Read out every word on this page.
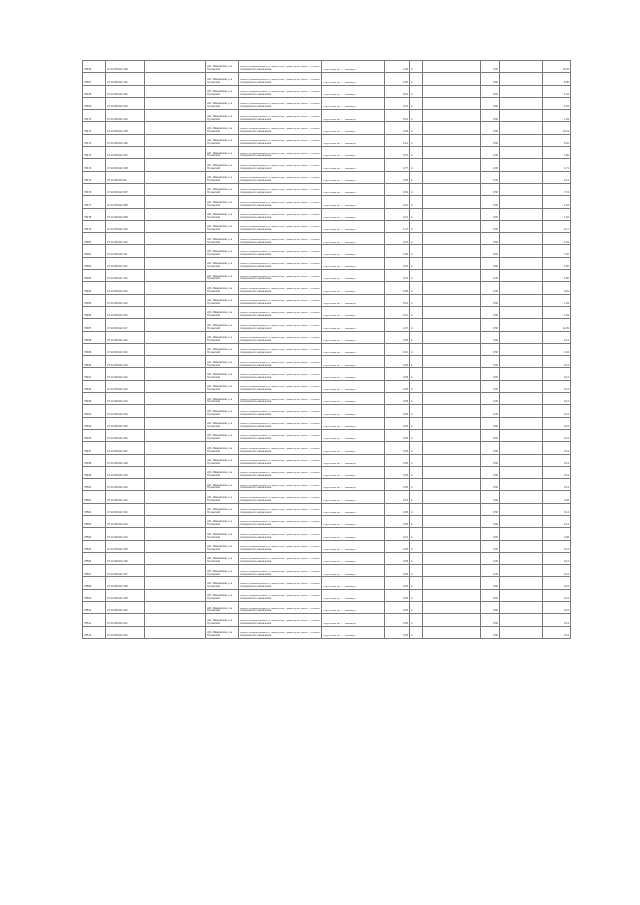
78466	37:14:000112:199		обл. Ивановская, р-н Пучежский	Земли промышленности, энергетики, транспорта, связи ... и иного специального назначения	Под опоры ВЛ ... "Ивэнерго"	2,49	4		2,00		16,03
78467	37:14:000112:101		обл. Ивановская, р-н Пучежский	Земли промышленности, энергетики, транспорта, связи ... и иного специального назначения	Под опоры ВЛ ... "Ивэнерго"	2,90	4		0,50		5,85
78468	37:14:000112:102		обл. Ивановская, р-н Пучежский	Земли промышленности, энергетики, транспорта, связи ... и иного специального назначения	Под опоры ВЛ ... "Ивэнерго"	0,10	4		0,50		1,94
78469	37:14:000112:103		обл. Ивановская, р-н Пучежский	Земли промышленности, энергетики, транспорта, связи ... и иного специального назначения	Под опоры ВЛ ... "Ивэнерго"	0,10	4		0,50		1,94
78470	37:14:000112:104		обл. Ивановская, р-н Пучежский	Земли промышленности, энергетики, транспорта, связи ... и иного специального назначения	Под опоры ВЛ ... "Ивэнерго"	0,10	4		0,50		1,94
78471	37:14:000112:105		обл. Ивановская, р-н Пучежский	Земли промышленности, энергетики, транспорта, связи ... и иного специального назначения	Под опоры ВЛ ... "Ивэнерго"	4,39	4		0,50		12,19
78472	37:14:000112:106		обл. Ивановская, р-н Пучежский	Земли промышленности, энергетики, транспорта, связи ... и иного специального назначения	Под опоры ВЛ ... "Ивэнерго"	2,14	4		0,50		5,22
78473	37:14:000112:107		обл. Ивановская, р-н Пучежский	Земли промышленности, энергетики, транспорта, связи ... и иного специального назначения	Под опоры ВЛ ... "Ивэнерго"	0,76	4		2,00		1,86
78474	37:14:000112:108		обл. Ивановская, р-н Пучежский	Земли промышленности, энергетики, транспорта, связи ... и иного специального назначения	Под опоры ВЛ ... "Ивэнерго"	3,77	4		2,00		1,71
78475	37:14:000112:09		обл. Ивановская, р-н Пучежский	Земли промышленности, энергетики, транспорта, связи ... и иного специального назначения	Под опоры ВЛ ... "Ивэнерго"	0,05	4		2,00		0,14
78476	37:14:000112:097		обл. Ивановская, р-н Пучежский	Земли промышленности, энергетики, транспорта, связи ... и иного специального назначения	Под опоры ВЛ ... "Ивэнерго"	2,54	4		0,50		7,13
78477	37:14:000112:098		обл. Ивановская, р-н Пучежский	Земли промышленности, энергетики, транспорта, связи ... и иного специального назначения	Под опоры ВЛ ... "Ивэнерго"	0,10	4		0,50		1,94
78478	37:14:000112:099		обл. Ивановская, р-н Пучежский	Земли промышленности, энергетики, транспорта, связи ... и иного специального назначения	Под опоры ВЛ ... "Ивэнерго"	0,10	4		0,50		1,94
78479	37:14:000112:100		обл. Ивановская, р-н Пучежский	Земли промышленности, энергетики, транспорта, связи ... и иного специального назначения	Под опоры ВЛ ... "Ивэнерго"	1,47	4		0,50		4,17
78480	37:14:000112:110		обл. Ивановская, р-н Пучежский	Земли промышленности, энергетики, транспорта, связи ... и иного специального назначения	Под опоры ВЛ ... "Ивэнерго"	0,10	4		0,50		1,94
78481	37:14:000112:111		обл. Ивановская, р-н Пучежский	Земли промышленности, энергетики, транспорта, связи ... и иного специального назначения	Под опоры ВЛ ... "Ивэнерго"	2,56	4		0,50		7,26
78482	37:14:000112:112		обл. Ивановская, р-н Пучежский	Земли промышленности, энергетики, транспорта, связи ... и иного специального назначения	Под опоры ВЛ ... "Ивэнерго"	0,76	4		0,50		1,86
78483	37:14:000112:113		обл. Ивановская, р-н Пучежский	Земли промышленности, энергетики, транспорта, связи ... и иного специального назначения	Под опоры ВЛ ... "Ивэнерго"	0,76	4		2,00		1,86
78484	37:14:000112:114		обл. Ивановская, р-н Пучежский	Земли промышленности, энергетики, транспорта, связи ... и иного специального назначения	Под опоры ВЛ ... "Ивэнерго"	5,38	4		2,00		9,91
78485	37:14:000112:115		обл. Ивановская, р-н Пучежский	Земли промышленности, энергетики, транспорта, связи ... и иного специального назначения	Под опоры ВЛ ... "Ивэнерго"	0,10	4		0,50		1,94
78486	37:14:000112:116		обл. Ивановская, р-н Пучежский	Земли промышленности, энергетики, транспорта, связи ... и иного специального назначения	Под опоры ВЛ ... "Ивэнерго"	0,10	4		0,50		1,94
78487	37:14:000112:117		обл. Ивановская, р-н Пучежский	Земли промышленности, энергетики, транспорта, связи ... и иного специального назначения	Под опоры ВЛ ... "Ивэнерго"	4,37	4		0,50		12,29
78488	37:14:000112:118		обл. Ивановская, р-н Пучежский	Земли промышленности, энергетики, транспорта, связи ... и иного специального назначения	Под опоры ВЛ ... "Ивэнерго"	0,05	4		0,50		0,14
78489	37:14:000112:119		обл. Ивановская, р-н Пучежский	Земли промышленности, энергетики, транспорта, связи ... и иного специального назначения	Под опоры ВЛ ... "Ивэнерго"	0,10	4		0,50		1,94
78490	37:14:000112:120		обл. Ивановская, р-н Пучежский	Земли промышленности, энергетики, транспорта, связи ... и иного специального назначения	Под опоры ВЛ ... "Ивэнерго"	0,05	4		0,50		0,14
78491	37:14:000112:121		обл. Ивановская, р-н Пучежский	Земли промышленности, энергетики, транспорта, связи ... и иного специального назначения	Под опоры ВЛ ... "Ивэнерго"	0,05	4		0,50		0,14
78492	37:14:000112:122		обл. Ивановская, р-н Пучежский	Земли промышленности, энергетики, транспорта, связи ... и иного специального назначения	Под опоры ВЛ ... "Ивэнерго"	0,05	4		2,00		0,14
78493	37:14:000112:123		обл. Ивановская, р-н Пучежский	Земли промышленности, энергетики, транспорта, связи ... и иного специального назначения	Под опоры ВЛ ... "Ивэнерго"	0,05	4		2,00		0,14
78494	37:14:000112:124		обл. Ивановская, р-н Пучежский	Земли промышленности, энергетики, транспорта, связи ... и иного специального назначения	Под опоры ВЛ ... "Ивэнерго"	0,05	4		2,00		0,14
78495	37:14:000112:125		обл. Ивановская, р-н Пучежский	Земли промышленности, энергетики, транспорта, связи ... и иного специального назначения	Под опоры ВЛ ... "Ивэнерго"	0,05	4		0,50		0,14
78496	37:14:000112:126		обл. Ивановская, р-н Пучежский	Земли промышленности, энергетики, транспорта, связи ... и иного специального назначения	Под опоры ВЛ ... "Ивэнерго"	0,05	4		0,50		0,14
78497	37:14:000112:127		обл. Ивановская, р-н Пучежский	Земли промышленности, энергетики, транспорта, связи ... и иного специального назначения	Под опоры ВЛ ... "Ивэнерго"	0,05	4		0,50		0,14
78498	37:14:000112:128		обл. Ивановская, р-н Пучежский	Земли промышленности, энергетики, транспорта, связи ... и иного специального назначения	Под опоры ВЛ ... "Ивэнерго"	0,05	4		0,50		0,14
78499	37:14:000112:129		обл. Ивановская, р-н Пучежский	Земли промышленности, энергетики, транспорта, связи ... и иного специального назначения	Под опоры ВЛ ... "Ивэнерго"	0,05	4		0,50		0,14
78500	37:14:000112:130		обл. Ивановская, р-н Пучежский	Земли промышленности, энергетики, транспорта, связи ... и иного специального назначения	Под опоры ВЛ ... "Ивэнерго"	0,05	4		0,50		0,14
78501	37:14:000112:131		обл. Ивановская, р-н Пучежский	Земли промышленности, энергетики, транспорта, связи ... и иного специального назначения	Под опоры ВЛ ... "Ивэнерго"	0,10	4		0,50		0,28
78502	37:14:000112:132		обл. Ивановская, р-н Пучежский	Земли промышленности, энергетики, транспорта, связи ... и иного специального назначения	Под опоры ВЛ ... "Ивэнерго"	0,05	4		0,50		0,14
78503	37:14:000112:133		обл. Ивановская, р-н Пучежский	Земли промышленности, энергетики, транспорта, связи ... и иного специального назначения	Под опоры ВЛ ... "Ивэнерго"	0,05	4		0,50		0,14
78504	37:14:000112:134		обл. Ивановская, р-н Пучежский	Земли промышленности, энергетики, транспорта, связи ... и иного специального назначения	Под опоры ВЛ ... "Ивэнерго"	0,10	4		0,50		0,28
78505	37:14:000112:135		обл. Ивановская, р-н Пучежский	Земли промышленности, энергетики, транспорта, связи ... и иного специального назначения	Под опоры ВЛ ... "Ивэнерго"	0,05	4		2,00		0,14
78506	37:14:000112:136		обл. Ивановская, р-н Пучежский	Земли промышленности, энергетики, транспорта, связи ... и иного специального назначения	Под опоры ВЛ ... "Ивэнерго"	0,05	4		2,00		0,14
78507	37:14:000112:137		обл. Ивановская, р-н Пучежский	Земли промышленности, энергетики, транспорта, связи ... и иного специального назначения	Под опоры ВЛ ... "Ивэнерго"	0,05	4		2,00		0,14
78508	37:14:000112:138		обл. Ивановская, р-н Пучежский	Земли промышленности, энергетики, транспорта, связи ... и иного специального назначения	Под опоры ВЛ ... "Ивэнерго"	0,05	4		0,50		0,14
78509	37:14:000112:139		обл. Ивановская, р-н Пучежский	Земли промышленности, энергетики, транспорта, связи ... и иного специального назначения	Под опоры ВЛ ... "Ивэнерго"	0,05	4		0,50		0,14
78510	37:14:000112:140		обл. Ивановская, р-н Пучежский	Земли промышленности, энергетики, транспорта, связи ... и иного специального назначения	Под опоры ВЛ ... "Ивэнерго"	0,05	4		0,50		0,14
78511	37:14:000112:141		обл. Ивановская, р-н Пучежский	Земли промышленности, энергетики, транспорта, связи ... и иного специального назначения	Под опоры ВЛ ... "Ивэнерго"	0,05	4		0,50		0,14
78512	37:14:000112:142		обл. Ивановская, р-н Пучежский	Земли промышленности, энергетики, транспорта, связи ... и иного специального назначения	Под опоры ВЛ ... "Ивэнерго"	0,05	4		0,50		0,14
